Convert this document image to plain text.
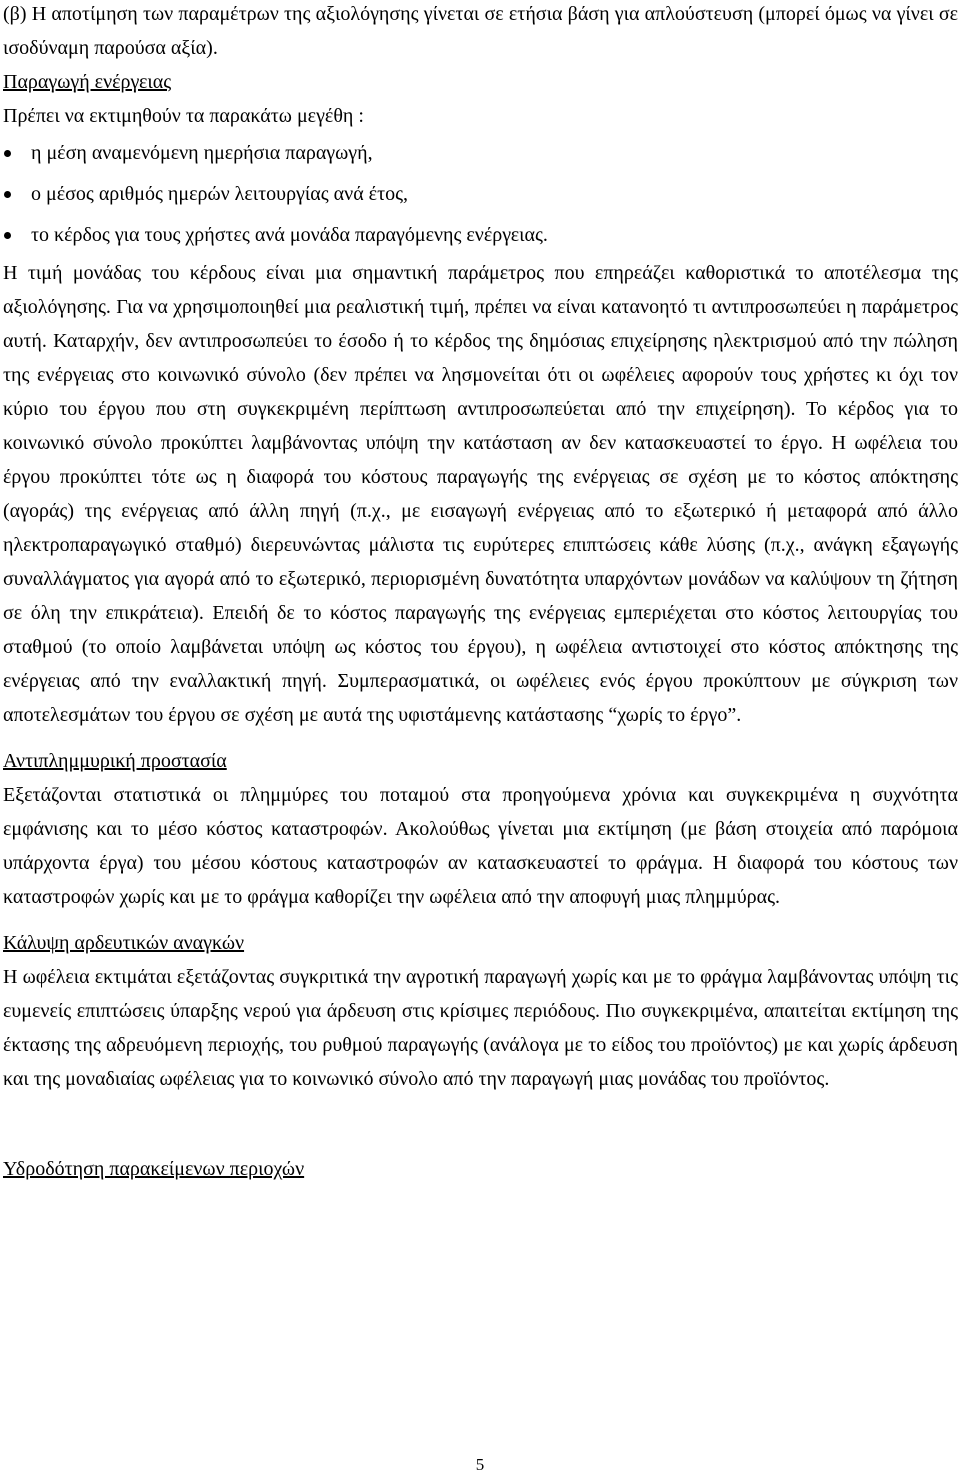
(β) Η αποτίμηση των παραμέτρων της αξιολόγησης γίνεται σε ετήσια βάση για απλούστευση (μπορεί όμως να γίνει σε ισοδύναμη παρούσα αξία).

Παραγωγή ενέργειας

Πρέπει να εκτιμηθούν τα παρακάτω μεγέθη :

η μέση αναμενόμενη ημερήσια παραγωγή,
ο μέσος αριθμός ημερών λειτουργίας ανά έτος,
το κέρδος για τους χρήστες ανά μονάδα παραγόμενης ενέργειας.

Η τιμή μονάδας του κέρδους είναι μια σημαντική παράμετρος που επηρεάζει καθοριστικά το αποτέλεσμα της αξιολόγησης. Για να χρησιμοποιηθεί μια ρεαλιστική τιμή, πρέπει να είναι κατανοητό τι αντιπροσωπεύει η παράμετρος αυτή. Καταρχήν, δεν αντιπροσωπεύει το έσοδο ή το κέρδος της δημόσιας επιχείρησης ηλεκτρισμού από την πώληση της ενέργειας στο κοινωνικό σύνολο (δεν πρέπει να λησμονείται ότι οι ωφέλειες αφορούν τους χρήστες κι όχι τον κύριο του έργου που στη συγκεκριμένη περίπτωση αντιπροσωπεύεται από την επιχείρηση). Το κέρδος για το κοινωνικό σύνολο προκύπτει λαμβάνοντας υπόψη την κατάσταση αν δεν κατασκευαστεί το έργο. Η ωφέλεια του έργου προκύπτει τότε ως η διαφορά του κόστους παραγωγής της ενέργειας σε σχέση με το κόστος απόκτησης (αγοράς) της ενέργειας από άλλη πηγή (π.χ., με εισαγωγή ενέργειας από το εξωτερικό ή μεταφορά από άλλο ηλεκτροπαραγωγικό σταθμό) διερευνώντας μάλιστα τις ευρύτερες επιπτώσεις κάθε λύσης (π.χ., ανάγκη εξαγωγής συναλλάγματος για αγορά από το εξωτερικό, περιορισμένη δυνατότητα υπαρχόντων μονάδων να καλύψουν τη ζήτηση σε όλη την επικράτεια). Επειδή δε το κόστος παραγωγής της ενέργειας εμπεριέχεται στο κόστος λειτουργίας του σταθμού (το οποίο λαμβάνεται υπόψη ως κόστος του έργου), η ωφέλεια αντιστοιχεί στο κόστος απόκτησης της ενέργειας από την εναλλακτική πηγή. Συμπερασματικά, οι ωφέλειες ενός έργου προκύπτουν με σύγκριση των αποτελεσμάτων του έργου σε σχέση με αυτά της υφιστάμενης κατάστασης “χωρίς το έργο”.

Αντιπλημμυρική προστασία

Εξετάζονται στατιστικά οι πλημμύρες του ποταμού στα προηγούμενα χρόνια και συγκεκριμένα η συχνότητα εμφάνισης και το μέσο κόστος καταστροφών. Ακολούθως γίνεται μια εκτίμηση (με βάση στοιχεία από παρόμοια υπάρχοντα έργα) του μέσου κόστους καταστροφών αν κατασκευαστεί το φράγμα. Η διαφορά του κόστους των καταστροφών χωρίς και με το φράγμα καθορίζει την ωφέλεια από την αποφυγή μιας πλημμύρας.

Κάλυψη αρδευτικών αναγκών

Η ωφέλεια εκτιμάται εξετάζοντας συγκριτικά την αγροτική παραγωγή χωρίς και με το φράγμα λαμβάνοντας υπόψη τις ευμενείς επιπτώσεις ύπαρξης νερού για άρδευση στις κρίσιμες περιόδους. Πιο συγκεκριμένα, απαιτείται εκτίμηση της έκτασης της αδρευόμενη περιοχής, του ρυθμού παραγωγής (ανάλογα με το είδος του προϊόντος) με και χωρίς άρδευση και της μοναδιαίας ωφέλειας για το κοινωνικό σύνολο από την παραγωγή μιας μονάδας του προϊόντος.

Υδροδότηση παρακείμενων περιοχών
5
